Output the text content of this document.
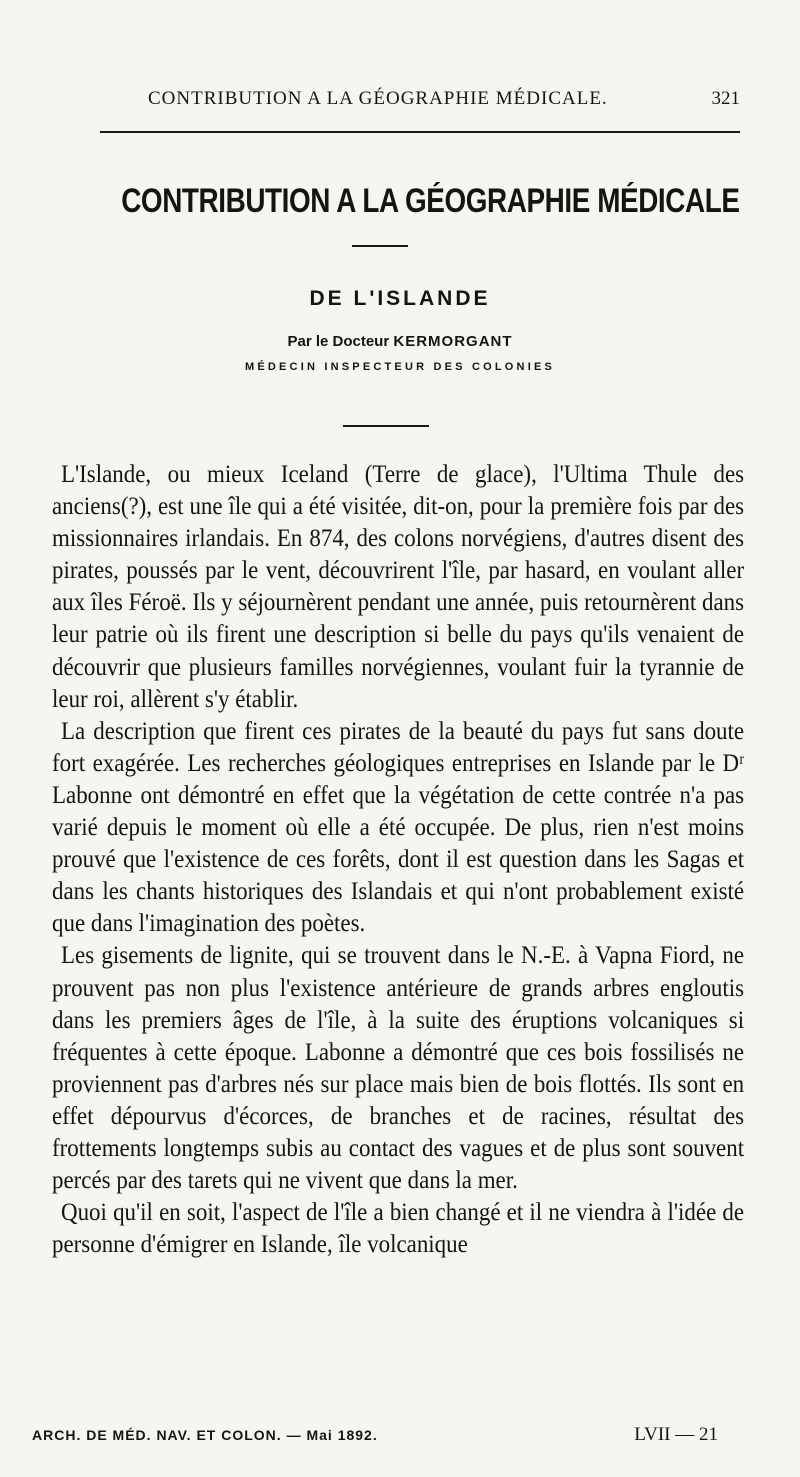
CONTRIBUTION A LA GÉOGRAPHIE MÉDICALE.	321
CONTRIBUTION A LA GÉOGRAPHIE MÉDICALE
DE L'ISLANDE
Par le Docteur KERMORGANT
MÉDECIN INSPECTEUR DES COLONIES

L'Islande, ou mieux Iceland (Terre de glace), l'Ultima Thule des anciens(?), est une île qui a été visitée, dit-on, pour la première fois par des missionnaires irlandais. En 874, des colons norvégiens, d'autres disent des pirates, poussés par le vent, découvrirent l'île, par hasard, en voulant aller aux îles Féroë. Ils y séjournèrent pendant une année, puis retournèrent dans leur patrie où ils firent une description si belle du pays qu'ils venaient de découvrir que plusieurs familles norvégiennes, voulant fuir la tyrannie de leur roi, allèrent s'y établir.

La description que firent ces pirates de la beauté du pays fut sans doute fort exagérée. Les recherches géologiques entreprises en Islande par le Dʳ Labonne ont démontré en effet que la végétation de cette contrée n'a pas varié depuis le moment où elle a été occupée. De plus, rien n'est moins prouvé que l'existence de ces forêts, dont il est question dans les Sagas et dans les chants historiques des Islandais et qui n'ont probablement existé que dans l'imagination des poètes.

Les gisements de lignite, qui se trouvent dans le N.-E. à Vapna Fiord, ne prouvent pas non plus l'existence antérieure de grands arbres engloutis dans les premiers âges de l'île, à la suite des éruptions volcaniques si fréquentes à cette époque. Labonne a démontré que ces bois fossilisés ne proviennent pas d'arbres nés sur place mais bien de bois flottés. Ils sont en effet dépourvus d'écorces, de branches et de racines, résultat des frottements longtemps subis au contact des vagues et de plus sont souvent percés par des tarets qui ne vivent que dans la mer.

Quoi qu'il en soit, l'aspect de l'île a bien changé et il ne viendra à l'idée de personne d'émigrer en Islande, île volcanique

ARCH. DE MÉD. NAV. ET COLON. — Mai 1892.	LVII — 21
